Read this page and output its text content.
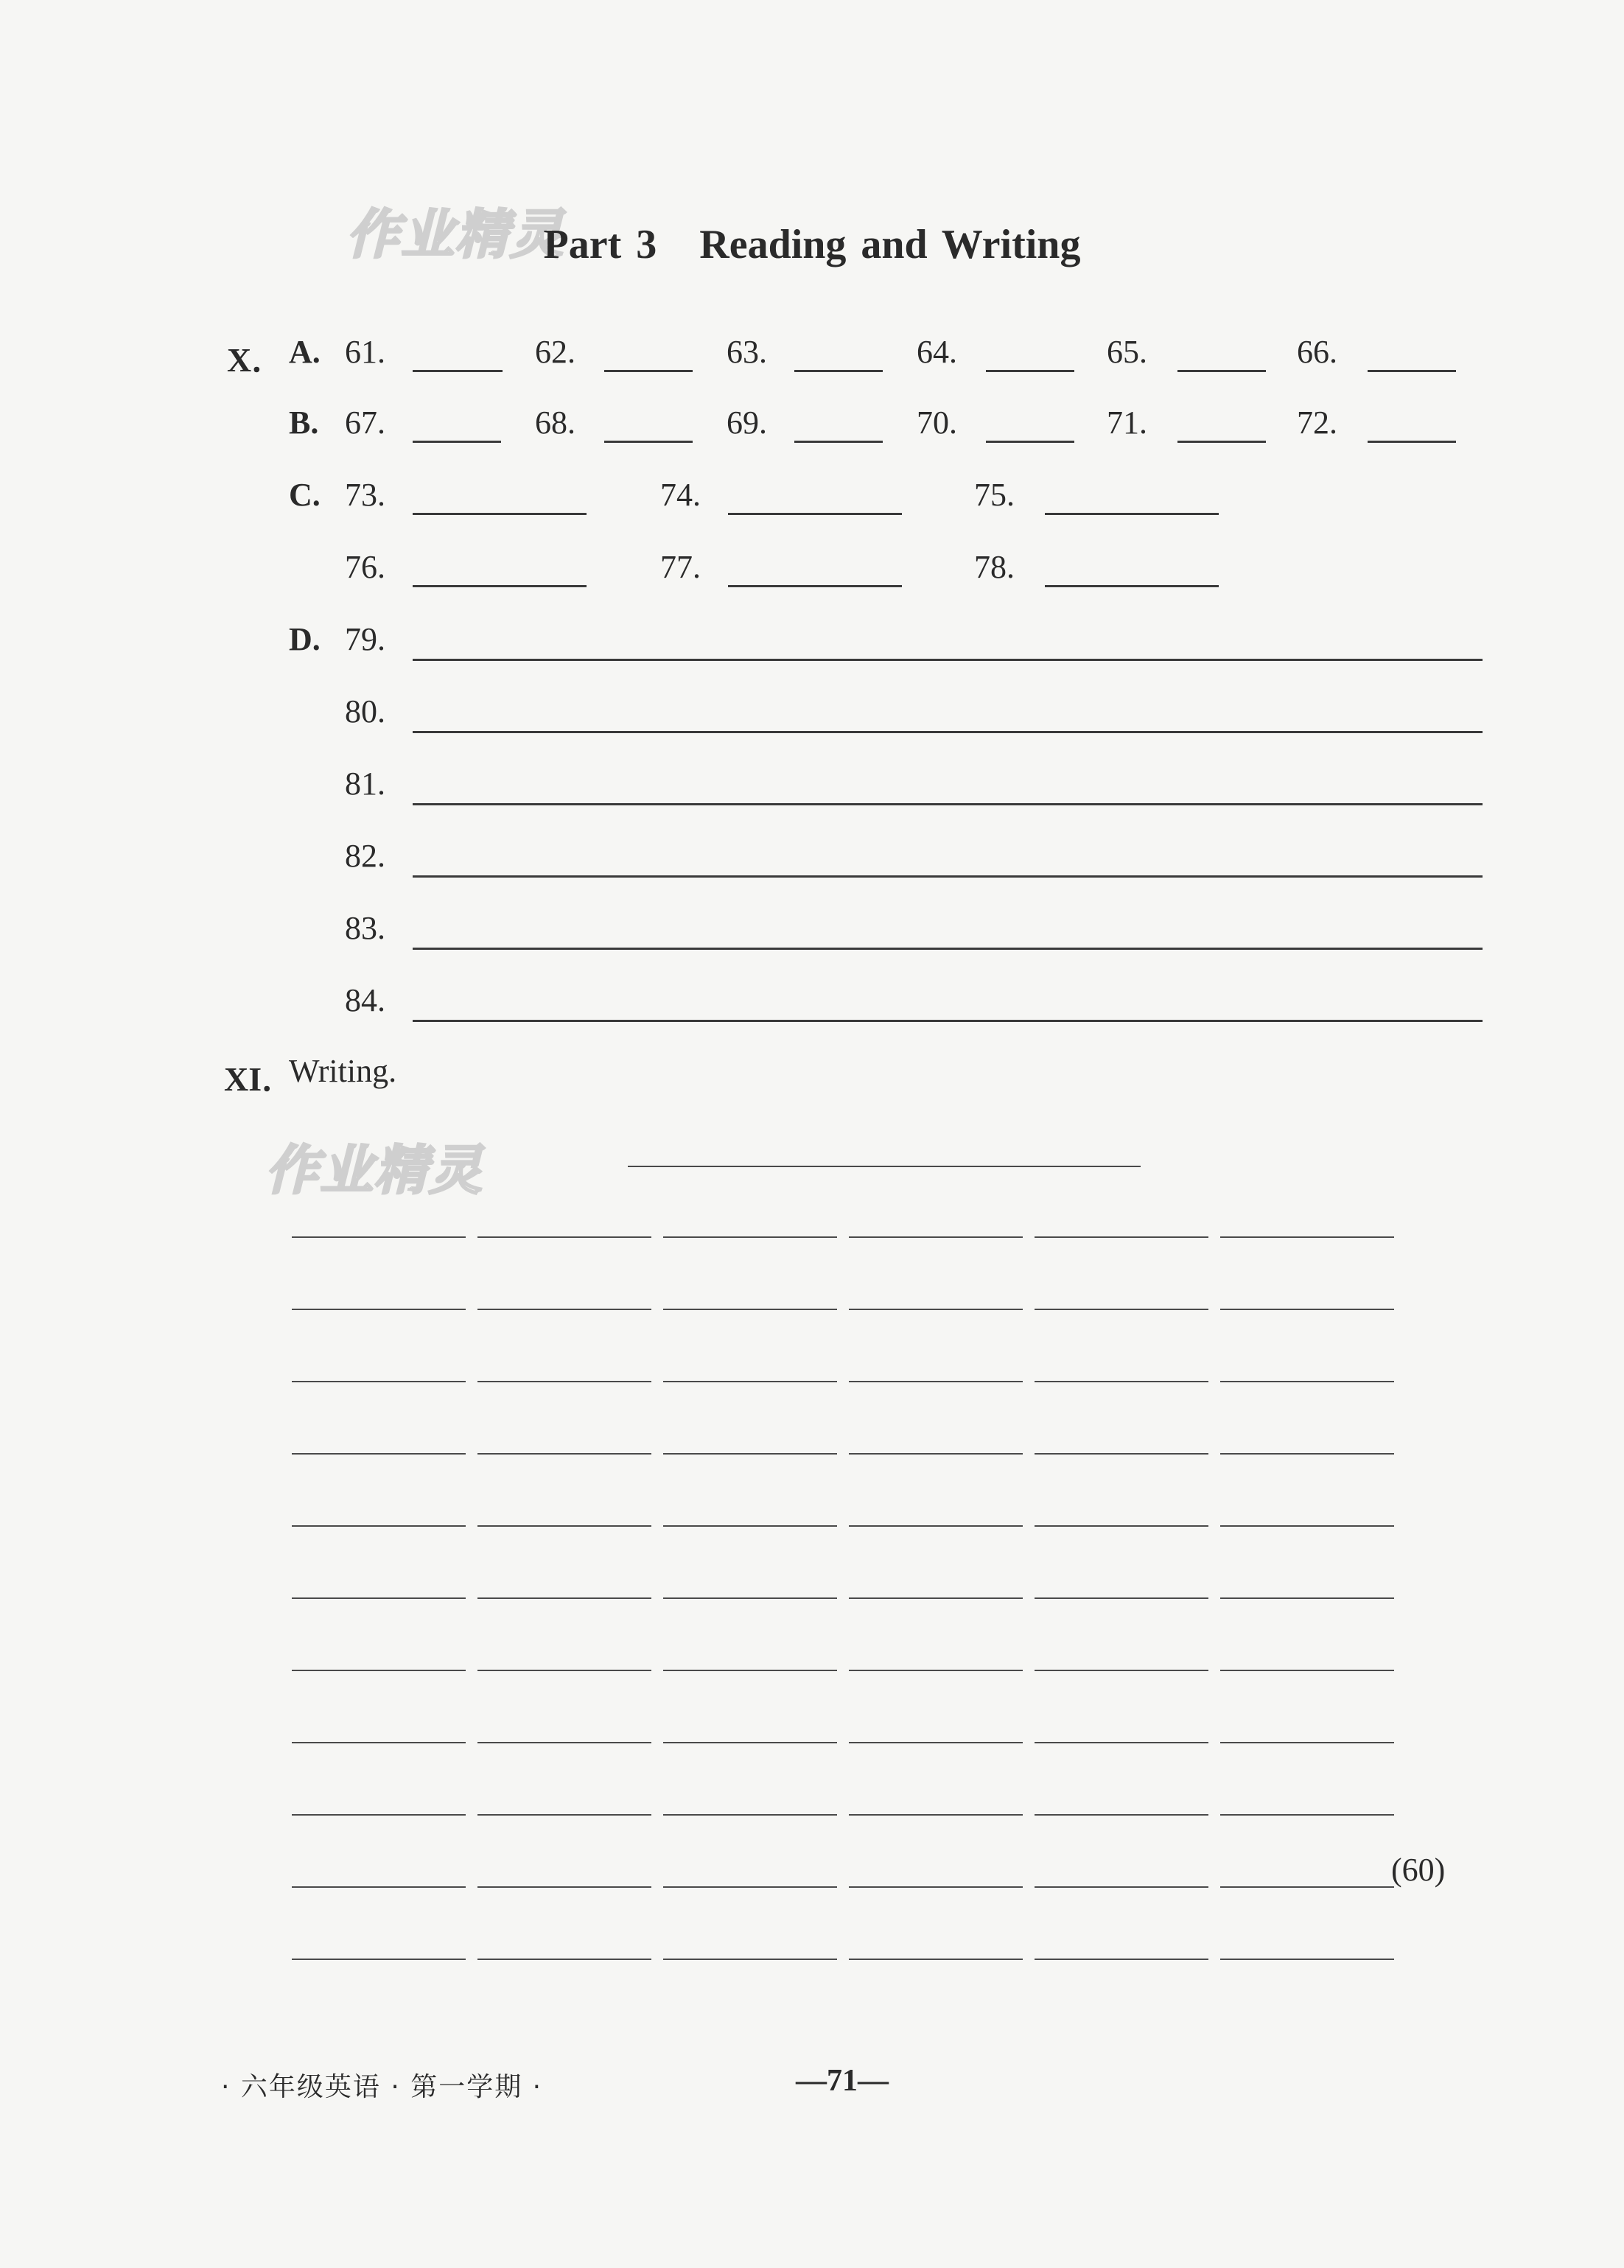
作业精灵
作业精灵
Part 3 Reading and Writing
X． A. 61.	62.	63.	64.	65.	66.
B. 67.	68.	69.	70.	71.	72.
C. 73.	74.	75.
76.	77.	78.
D. 79.
80.
81.
82.
83.
84.
XI．
Writing.
(60)
· 六年级英语 · 第一学期 ·	—71—
